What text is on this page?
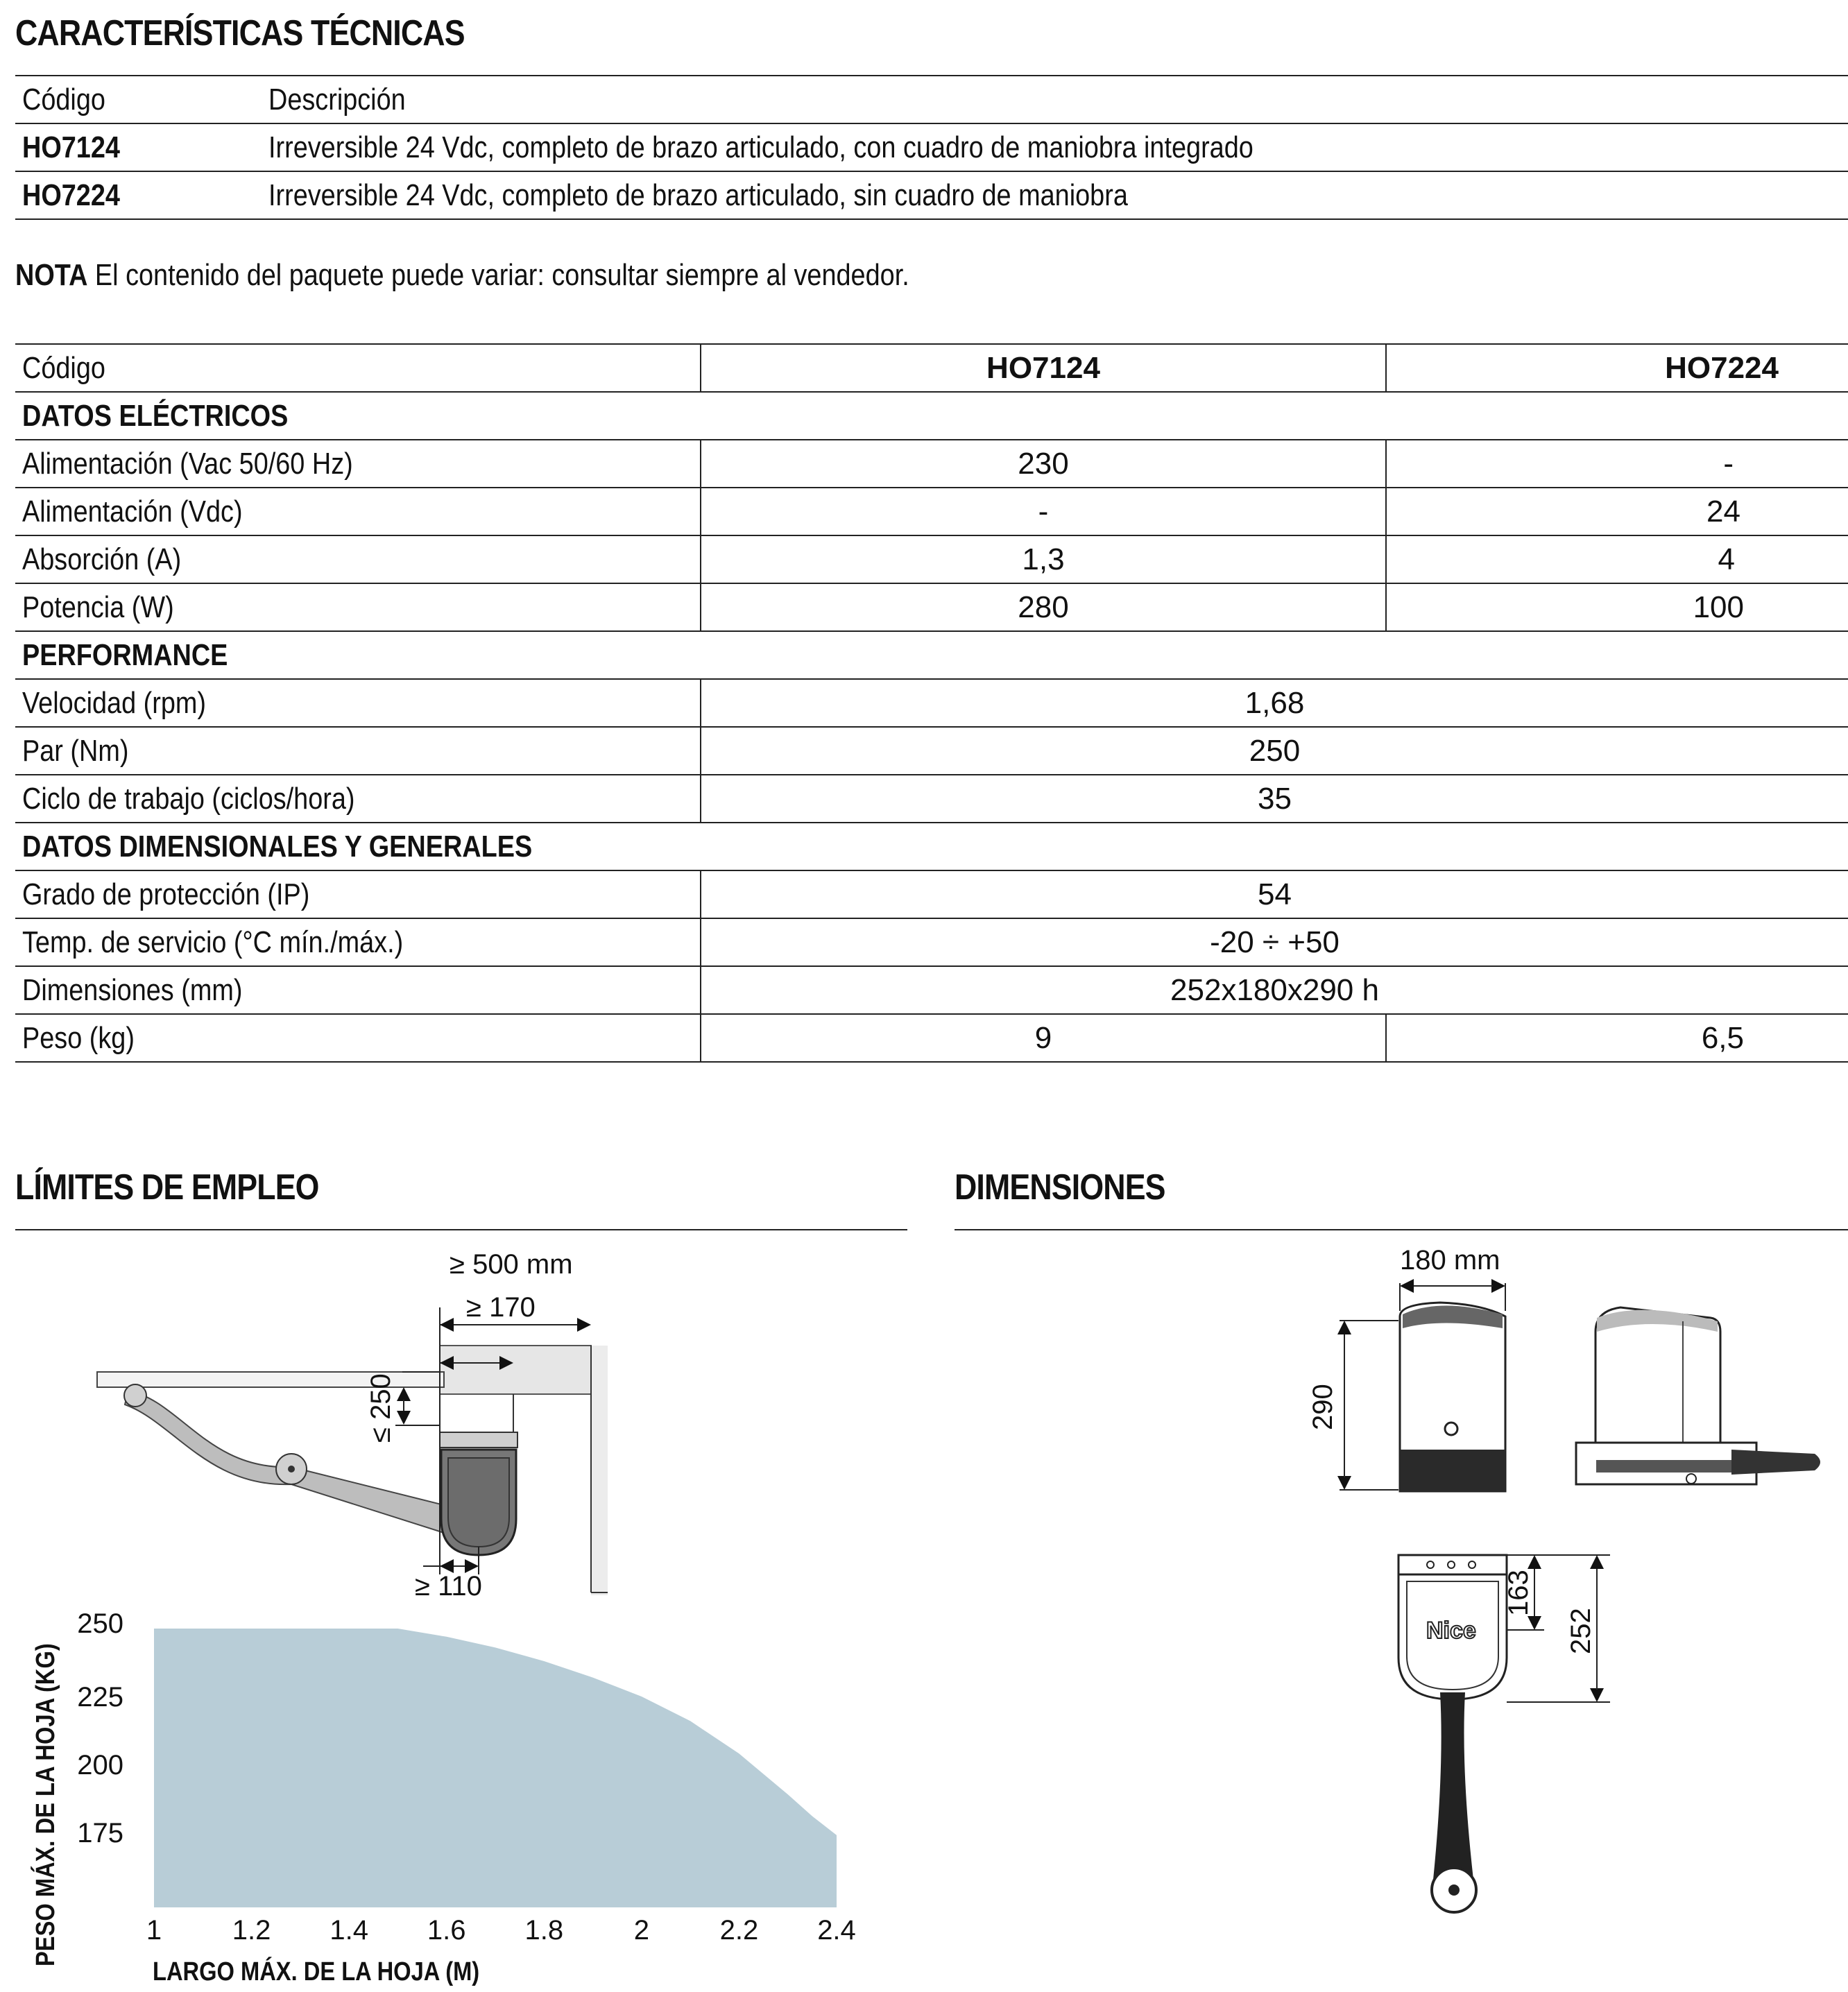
CARACTERÍSTICAS TÉCNICAS
Código	Descripción
HO7124	Irreversible 24 Vdc, completo de brazo articulado, con cuadro de maniobra integrado
HO7224	Irreversible 24 Vdc, completo de brazo articulado, sin cuadro de maniobra
NOTA El contenido del paquete puede variar: consultar siempre al vendedor.
Código	HO7124	HO7224
DATOS ELÉCTRICOS		
Alimentación (Vac 50/60 Hz)	230	-
Alimentación (Vdc)	-	24
Absorción (A)	1,3	4
Potencia (W)	280	100
PERFORMANCE		
Velocidad (rpm)	1,68	
Par (Nm)	250	
Ciclo de trabajo (ciclos/hora)	35	
DATOS DIMENSIONALES Y GENERALES		
Grado de protección (IP)	54	
Temp. de servicio (°C mín./máx.)	-20 ÷ +50	
Dimensiones (mm)	252x180x290 h	
Peso (kg)	9	6,5
LÍMITES DE EMPLEO	DIMENSIONES
≥ 500 mm
≥ 170
≤ 250
≥ 110
1	1.2 1.4 1.6 1.8	2	2.2 2.4
250
225
200
175
LARGO MÁX. DE LA HOJA (M)
PESO MÁX. DE LA HOJA (KG)
180 mm
290
Nice
163
252
